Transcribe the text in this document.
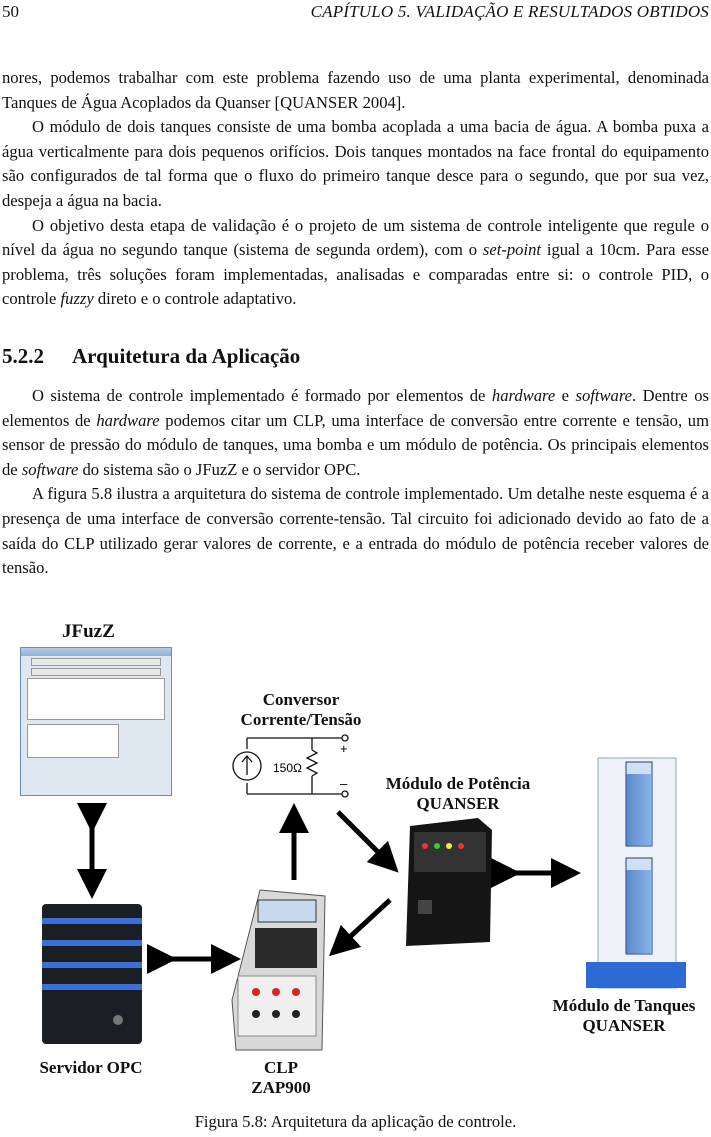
50	CAPÍTULO 5. VALIDAÇÃO E RESULTADOS OBTIDOS

nores, podemos trabalhar com este problema fazendo uso de uma planta experimental, denominada Tanques de Água Acoplados da Quanser [QUANSER 2004].

O módulo de dois tanques consiste de uma bomba acoplada a uma bacia de água. A bomba puxa a água verticalmente para dois pequenos orifícios. Dois tanques montados na face frontal do equipamento são configurados de tal forma que o fluxo do primeiro tanque desce para o segundo, que por sua vez, despeja a água na bacia.

O objetivo desta etapa de validação é o projeto de um sistema de controle inteligente que regule o nível da água no segundo tanque (sistema de segunda ordem), com o set-point igual a 10cm. Para esse problema, três soluções foram implementadas, analisadas e comparadas entre si: o controle PID, o controle fuzzy direto e o controle adaptativo.

5.2.2 Arquitetura da Aplicação

O sistema de controle implementado é formado por elementos de hardware e software. Dentre os elementos de hardware podemos citar um CLP, uma interface de conversão entre corrente e tensão, um sensor de pressão do módulo de tanques, uma bomba e um módulo de potência. Os principais elementos de software do sistema são o JFuzZ e o servidor OPC.

A figura 5.8 ilustra a arquitetura do sistema de controle implementado. Um detalhe neste esquema é a presença de uma interface de conversão corrente-tensão. Tal circuito foi adicionado devido ao fato de a saída do CLP utilizado gerar valores de corrente, e a entrada do módulo de potência receber valores de tensão.

JFuzZ
Conversor
Corrente/Tensão
Módulo de Potência
QUANSER
Módulo de Tanques
QUANSER
Servidor OPC	CLP
ZAP900
150Ω
+
–
Figura 5.8: Arquitetura da aplicação de controle.
